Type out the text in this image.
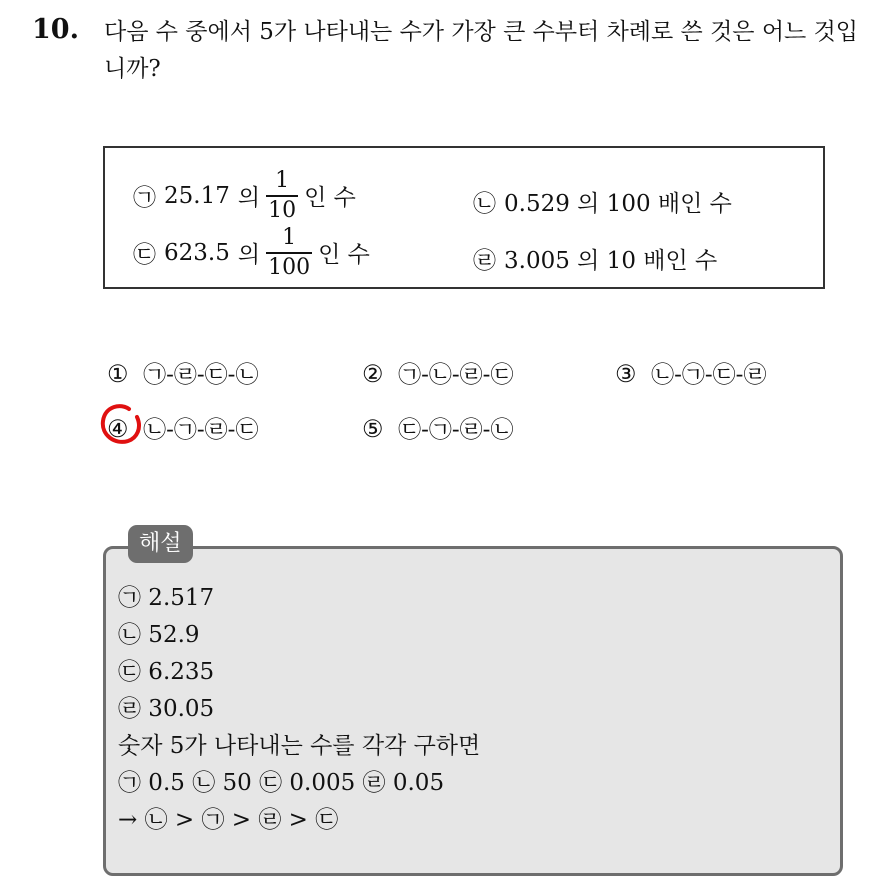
10. 다음 수 중에서 5가 나타내는 수가 가장 큰 수부터 차례로 쓴 것은 어느 것입니까?
㉠ 25.17 의 $\frac{1}{10}$ 인 수	㉡ 0.529 의 100 배인 수
㉢ 623.5 의 $\frac{1}{100}$ 인 수	㉣ 3.005 의 10 배인 수
① ㉠-㉣-㉢-㉡	② ㉠-㉡-㉣-㉢	③ ㉡-㉠-㉢-㉣
④ ㉡-㉠-㉣-㉢	⑤ ㉢-㉠-㉣-㉡
해설
㉠ 2.517
㉡ 52.9
㉢ 6.235
㉣ 30.05
숫자 5가 나타내는 수를 각각 구하면
㉠ 0.5 ㉡ 50 ㉢ 0.005 ㉣ 0.05
→ ㉡ > ㉠ > ㉣ > ㉢
